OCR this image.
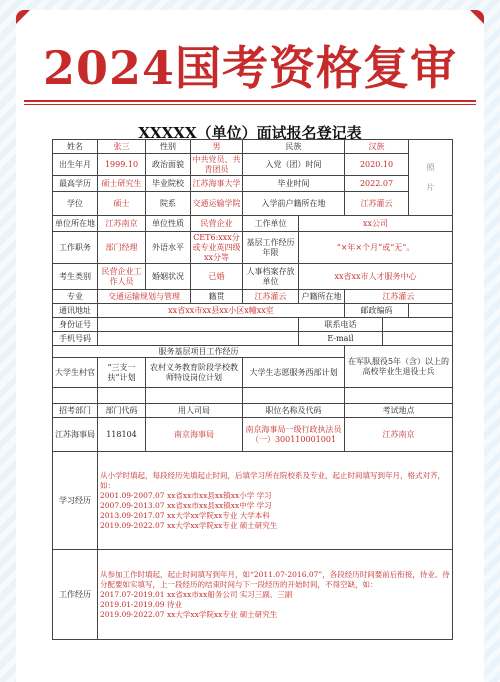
2024国考资格复审
XXXXX（单位）面试报名登记表
姓名	张三	性别	男	民族		汉族		照
片

出生年月	1999.10	政治面貌	中共党员、共青团员	入党（团）时间		2020.10		
最高学历	硕士研究生	毕业院校	江苏海事大学	毕业时间		2022.07		
学位	硕士	院系	交通运输学院	入学前户籍所在地		江苏灌云		
单位所在地	江苏南京	单位性质	民营企业	工作单位	xx公司			
工作职务	部门经理	外语水平	CET6:xxx分或专业英四级xx分等	基层工作经历年限	“×年×个月”或“无”。			
考生类别	民营企业工作人员	婚姻状况	已婚	人事档案存放单位	xx省xx市人才服务中心			
专业	交通运输规划与管理		籍贯	江苏灌云	户籍所在地	江苏灌云		
通讯地址	xx省xx市xx县xx小区x幢xx室					邮政编码		
身份证号					联系电话			
手机号码					E-mail			
服务基层项目工作经历						在军队服役5年（含）以上的高校毕业生退役士兵		
大学生村官	“三支一扶”计划	农村义务教育阶段学校教师特设岗位计划		大学生志愿服务西部计划				

招考部门	部门代码	用人司局		职位名称及代码		考试地点		
江苏海事局	118104	南京海事局		南京海事局一级行政执法员（一）300110001001		江苏南京		
学习经历	从小学时填起，每段经历先填起止时间，后填学习所在院校系及专业，起止时间填写到年月，格式对齐，如：
2001.09-2007.07 xx省xx市xx县xx镇xx小学 学习
2007.09-2013.07 xx省xx市xx县xx镇xx中学 学习
2013.09-2017.07 xx大学xx学院xx专业 大学本科
2019.09-2022.07 xx大学xx学院xx专业 硕士研究生							

工作经历	从参加工作时填起，起止时间填写到年月，如“2011.07-2016.07”，各段经历时间要前后衔接，待业、待分配要如实填写，上一段经历的结束时间与下一段经历的开始时间，不得空缺，如：
2017.07-2019.01 xx省xx市xx船务公司 实习三副、三副
2019.01-2019.09 待业
2019.09-2022.07 xx大学xx学院xx专业 硕士研究生							
